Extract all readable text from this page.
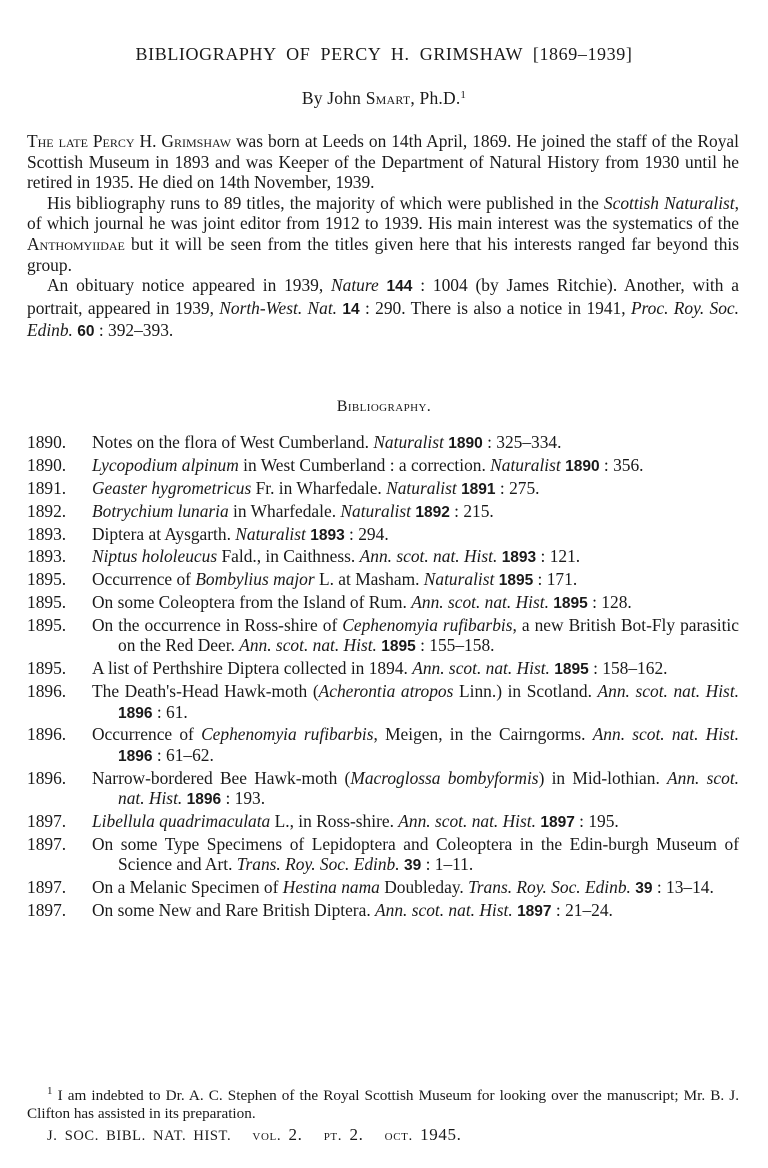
BIBLIOGRAPHY OF PERCY H. GRIMSHAW [1869–1939]
By John Smart, Ph.D.$^1$

The late Percy H. Grimshaw was born at Leeds on 14th April, 1869. He joined the staff of the Royal Scottish Museum in 1893 and was Keeper of the Department of Natural History from 1930 until he retired in 1935. He died on 14th November, 1939.

His bibliography runs to 89 titles, the majority of which were published in the Scottish Naturalist, of which journal he was joint editor from 1912 to 1939. His main interest was the systematics of the Anthomyiidae but it will be seen from the titles given here that his interests ranged far beyond this group.

An obituary notice appeared in 1939, Nature 144 : 1004 (by James Ritchie). Another, with a portrait, appeared in 1939, North-West. Nat. 14 : 290. There is also a notice in 1941, Proc. Roy. Soc. Edinb. 60 : 392–393.

Bibliography.
1890.	Notes on the flora of West Cumberland. Naturalist 1890 : 325–334.
1890.	Lycopodium alpinum in West Cumberland : a correction. Naturalist 1890 : 356.
1891.	Geaster hygrometricus Fr. in Wharfedale. Naturalist 1891 : 275.
1892.	Botrychium lunaria in Wharfedale. Naturalist 1892 : 215.
1893.	Diptera at Aysgarth. Naturalist 1893 : 294.
1893.	Niptus hololeucus Fald., in Caithness. Ann. scot. nat. Hist. 1893 : 121.
1895.	Occurrence of Bombylius major L. at Masham. Naturalist 1895 : 171.
1895.	On some Coleoptera from the Island of Rum. Ann. scot. nat. Hist. 1895 : 128.
1895.	On the occurrence in Ross-shire of Cephenomyia rufibarbis, a new British Bot-Fly parasitic on the Red Deer. Ann. scot. nat. Hist. 1895 : 155–158.
1895.	A list of Perthshire Diptera collected in 1894. Ann. scot. nat. Hist. 1895 : 158–162.
1896.	The Death's-Head Hawk-moth (Acherontia atropos Linn.) in Scotland. Ann. scot. nat. Hist. 1896 : 61.
1896.	Occurrence of Cephenomyia rufibarbis, Meigen, in the Cairngorms. Ann. scot. nat. Hist. 1896 : 61–62.
1896.	Narrow-bordered Bee Hawk-moth (Macroglossa bombyformis) in Mid-lothian. Ann. scot. nat. Hist. 1896 : 193.
1897.	Libellula quadrimaculata L., in Ross-shire. Ann. scot. nat. Hist. 1897 : 195.
1897.	On some Type Specimens of Lepidoptera and Coleoptera in the Edin-burgh Museum of Science and Art. Trans. Roy. Soc. Edinb. 39 : 1–11.
1897.	On a Melanic Specimen of Hestina nama Doubleday. Trans. Roy. Soc. Edinb. 39 : 13–14.
1897.	On some New and Rare British Diptera. Ann. scot. nat. Hist. 1897 : 21–24.

$^1$ I am indebted to Dr. A. C. Stephen of the Royal Scottish Museum for looking over the manuscript; Mr. B. J. Clifton has assisted in its preparation.

J. SOC. BIBL. NAT. HIST. vol. 2. pt. 2. oct. 1945.
